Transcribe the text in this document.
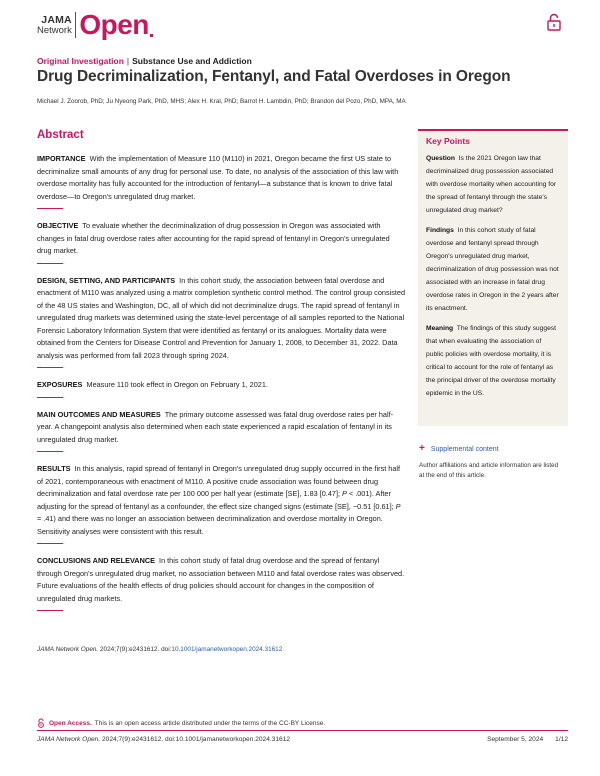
JAMA
Network Open
Original Investigation | Substance Use and Addiction
Drug Decriminalization, Fentanyl, and Fatal Overdoses in Oregon
Michael J. Zoorob, PhD; Ju Nyeong Park, PhD, MHS; Alex H. Kral, PhD; Barrot H. Lambdin, PhD; Brandon del Pozo, PhD, MPA, MA
Abstract

IMPORTANCE With the implementation of Measure 110 (M110) in 2021, Oregon became the first US state to decriminalize small amounts of any drug for personal use. To date, no analysis of the association of this law with overdose mortality has fully accounted for the introduction of fentanyl—a substance that is known to drive fatal overdose—to Oregon's unregulated drug market.

OBJECTIVE To evaluate whether the decriminalization of drug possession in Oregon was associated with changes in fatal drug overdose rates after accounting for the rapid spread of fentanyl in Oregon's unregulated drug market.

DESIGN, SETTING, AND PARTICIPANTS In this cohort study, the association between fatal overdose and enactment of M110 was analyzed using a matrix completion synthetic control method. The control group consisted of the 48 US states and Washington, DC, all of which did not decriminalize drugs. The rapid spread of fentanyl in unregulated drug markets was determined using the state-level percentage of all samples reported to the National Forensic Laboratory Information System that were identified as fentanyl or its analogues. Mortality data were obtained from the Centers for Disease Control and Prevention for January 1, 2008, to December 31, 2022. Data analysis was performed from fall 2023 through spring 2024.

EXPOSURES Measure 110 took effect in Oregon on February 1, 2021.

MAIN OUTCOMES AND MEASURES The primary outcome assessed was fatal drug overdose rates per half-year. A changepoint analysis also determined when each state experienced a rapid escalation of fentanyl in its unregulated drug market.

RESULTS In this analysis, rapid spread of fentanyl in Oregon's unregulated drug supply occurred in the first half of 2021, contemporaneous with enactment of M110. A positive crude association was found between drug decriminalization and fatal overdose rate per 100 000 per half year (estimate [SE], 1.83 [0.47]; P < .001). After adjusting for the spread of fentanyl as a confounder, the effect size changed signs (estimate [SE], −0.51 [0.61]; P = .41) and there was no longer an association between decriminalization and overdose mortality in Oregon. Sensitivity analyses were consistent with this result.

CONCLUSIONS AND RELEVANCE In this cohort study of fatal drug overdose and the spread of fentanyl through Oregon's unregulated drug market, no association between M110 and fatal overdose rates was observed. Future evaluations of the health effects of drug policies should account for changes in the composition of unregulated drug markets.

JAMA Network Open. 2024;7(9):e2431612. doi:10.1001/jamanetworkopen.2024.31612
Key Points
Question Is the 2021 Oregon law that decriminalized drug possession associated with overdose mortality when accounting for the spread of fentanyl through the state's unregulated drug market?
Findings In this cohort study of fatal overdose and fentanyl spread through Oregon's unregulated drug market, decriminalization of drug possession was not associated with an increase in fatal drug overdose rates in Oregon in the 2 years after its enactment.
Meaning The findings of this study suggest that when evaluating the association of public policies with overdose mortality, it is critical to account for the role of fentanyl as the principal driver of the overdose mortality epidemic in the US.
+ Supplemental content
Author affiliations and article information are listed at the end of this article.
Open Access. This is an open access article distributed under the terms of the CC-BY License.
JAMA Network Open. 2024;7(9):e2431612. doi:10.1001/jamanetworkopen.2024.31612	September 5, 2024 1/12
